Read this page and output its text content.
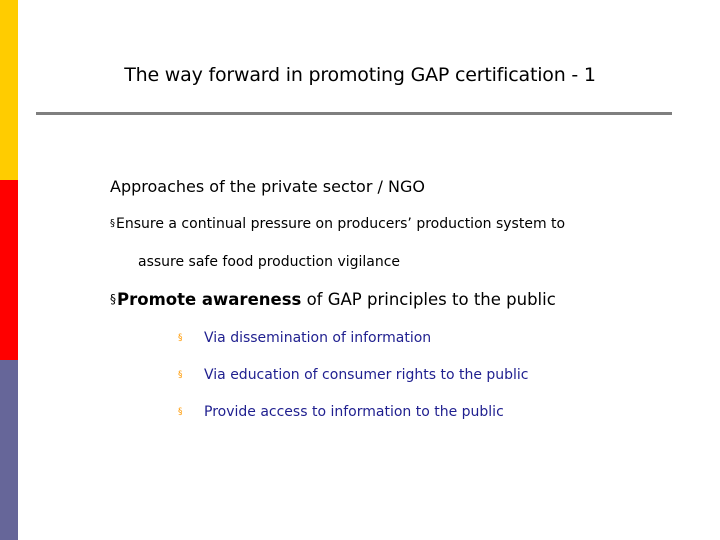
The way forward in promoting GAP certification - 1
Approaches of the private sector / NGO
§Ensure a continual pressure on producers’ production system to
assure safe food production vigilance
§Promote awareness of GAP principles to the public
§ Via dissemination of information
§ Via education of consumer rights to the public
§ Provide access to information to the public
